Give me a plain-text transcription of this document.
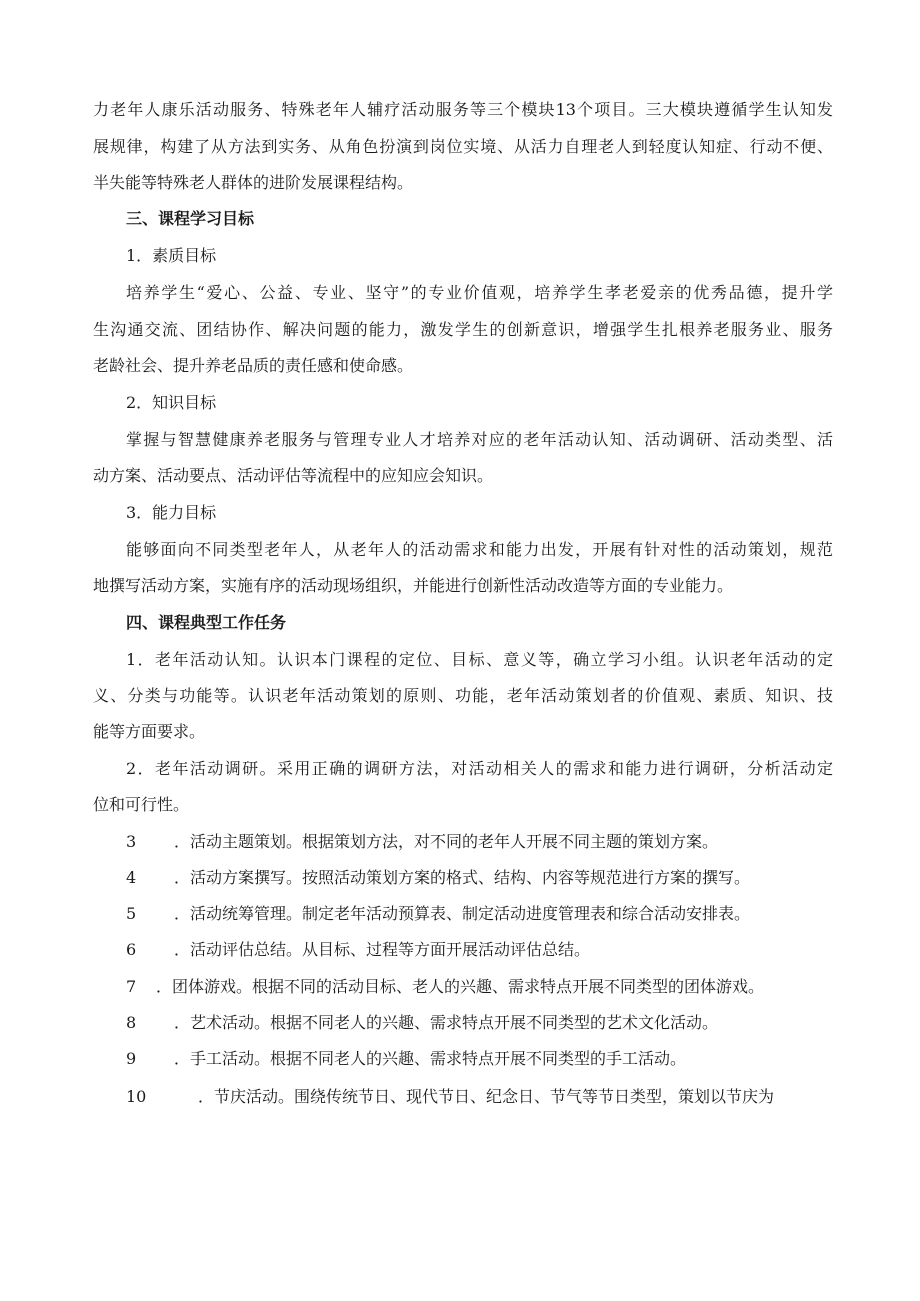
力老年人康乐活动服务、特殊老年人辅疗活动服务等三个模块13个项目。三大模块遵循学生认知发
展规律，构建了从方法到实务、从角色扮演到岗位实境、从活力自理老人到轻度认知症、行动不便、
半失能等特殊老人群体的进阶发展课程结构。
三、课程学习目标
1．素质目标
培养学生“爱心、公益、专业、坚守”的专业价值观，培养学生孝老爱亲的优秀品德，提升学
生沟通交流、团结协作、解决问题的能力，激发学生的创新意识，增强学生扎根养老服务业、服务
老龄社会、提升养老品质的责任感和使命感。
2．知识目标
掌握与智慧健康养老服务与管理专业人才培养对应的老年活动认知、活动调研、活动类型、活
动方案、活动要点、活动评估等流程中的应知应会知识。
3．能力目标
能够面向不同类型老年人，从老年人的活动需求和能力出发，开展有针对性的活动策划，规范
地撰写活动方案，实施有序的活动现场组织，并能进行创新性活动改造等方面的专业能力。
四、课程典型工作任务
1．老年活动认知。认识本门课程的定位、目标、意义等，确立学习小组。认识老年活动的定
义、分类与功能等。认识老年活动策划的原则、功能，老年活动策划者的价值观、素质、知识、技
能等方面要求。
2．老年活动调研。采用正确的调研方法，对活动相关人的需求和能力进行调研，分析活动定
位和可行性。
3 ．活动主题策划。根据策划方法，对不同的老年人开展不同主题的策划方案。
4 ．活动方案撰写。按照活动策划方案的格式、结构、内容等规范进行方案的撰写。
5 ．活动统筹管理。制定老年活动预算表、制定活动进度管理表和综合活动安排表。
6 ．活动评估总结。从目标、过程等方面开展活动评估总结。
7 ．团体游戏。根据不同的活动目标、老人的兴趣、需求特点开展不同类型的团体游戏。
8 ．艺术活动。根据不同老人的兴趣、需求特点开展不同类型的艺术文化活动。
9 ．手工活动。根据不同老人的兴趣、需求特点开展不同类型的手工活动。
10	．节庆活动。围绕传统节日、现代节日、纪念日、节气等节日类型，策划以节庆为
